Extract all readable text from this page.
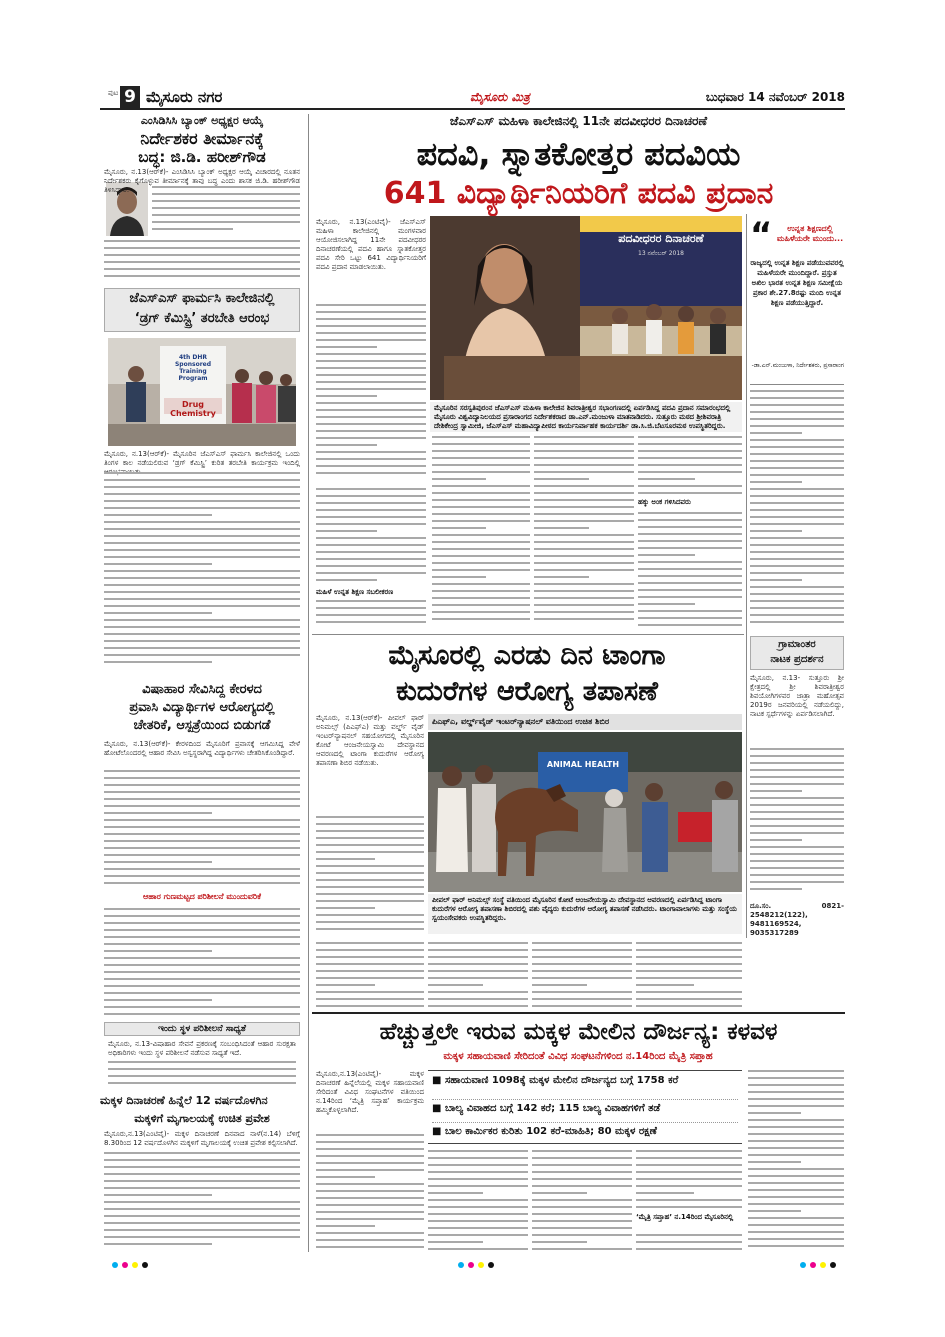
ಪುಟ 9 ಮೈಸೂರು ನಗರ	ಮೈಸೂರು ಮಿತ್ರ	ಬುಧವಾರ 14 ನವೆಂಬರ್ 2018
ಎಂಸಿಡಿಸಿಸಿ ಬ್ಯಾಂಕ್ ಅಧ್ಯಕ್ಷರ ಆಯ್ಕೆ
ನಿರ್ದೇಶಕರ ತೀರ್ಮಾನಕ್ಕೆ
ಬದ್ಧ: ಜಿ.ಡಿ. ಹರೀಶ್‌ಗೌಡ
ಮೈಸೂರು, ನ.13(ಆರ್‌ಕೆ)- ಎಂಸಿಡಿಸಿಸಿ ಬ್ಯಾಂಕ್ ಅಧ್ಯಕ್ಷರ ಆಯ್ಕೆ ವಿಚಾರದಲ್ಲಿ ನೂತನ ನಿರ್ದೇಶಕರು ಕೈಗೊಳ್ಳುವ ತೀರ್ಮಾನಕ್ಕೆ ತಾವು ಬದ್ಧ ಎಂದು ಶಾಸಕ ಜಿ.ಡಿ. ಹರೀಶ್‌ಗೌಡ ತಿಳಿಸಿದ್ದಾರೆ.
ಜೆಎಸ್‌ಎಸ್ ಫಾರ್ಮಸಿ ಕಾಲೇಜಿನಲ್ಲಿ
‘ಡ್ರಗ್ ಕೆಮಿಸ್ಟ್ರಿ’ ತರಬೇತಿ ಆರಂಭ
4th DHR Sponsored Training Program
Drug Chemistry
ಮೈಸೂರು, ನ.13(ಆರ್‌ಕೆ)- ಮೈಸೂರಿನ ಜೆಎಸ್‌ಎಸ್ ಫಾರ್ಮಸಿ ಕಾಲೇಜಿನಲ್ಲಿ ಒಂದು ತಿಂಗಳ ಕಾಲ ನಡೆಯಲಿರುವ ‘ಡ್ರಗ್ ಕೆಮಿಸ್ಟ್ರಿ’ ಕುರಿತ ತರಬೇತಿ ಕಾರ್ಯಕ್ರಮ ಇಂದಿಲ್ಲಿ
ವಿಷಾಹಾರ ಸೇವಿಸಿದ್ದ ಕೇರಳದ
ಪ್ರವಾಸಿ ವಿದ್ಯಾರ್ಥಿಗಳ ಆರೋಗ್ಯದಲ್ಲಿ
ಚೇತರಿಕೆ, ಆಸ್ಪತ್ರೆಯಿಂದ ಬಿಡುಗಡೆ
ಮೈಸೂರು, ನ.13(ಆರ್‌ಕೆ)- ಕೇರಳದಿಂದ ಮೈಸೂರಿಗೆ ಪ್ರವಾಸಕ್ಕೆ ಆಗಮಿಸಿದ್ದ ವೇಳೆ ಹೋಟೆಲೊಂದರಲ್ಲಿ ಆಹಾರ ಸೇವಿಸಿ ಅಸ್ವಸ್ಥರಾಗಿದ್ದ ವಿದ್ಯಾರ್ಥಿಗಳು ಚೇತರಿಸಿಕೊಂಡಿದ್ದಾರೆ.
ಆಹಾರ ಗುಣಮಟ್ಟದ ಪರಿಶೀಲನೆ ಮುಂದುವರಿಕೆ
ಇಂದು ಸ್ಥಳ ಪರಿಶೀಲನೆ ಸಾಧ್ಯತೆ
ಮೈಸೂರು, ನ.13-ವಿಷಾಹಾರ ಸೇವನೆ ಪ್ರಕರಣಕ್ಕೆ ಸಂಬಂಧಿಸಿದಂತೆ ಆಹಾರ ಸುರಕ್ಷತಾ ಅಧಿಕಾರಿಗಳು ಇಂದು ಸ್ಥಳ ಪರಿಶೀಲನೆ ನಡೆಸುವ ಸಾಧ್ಯತೆ ಇದೆ.
ಮಕ್ಕಳ ದಿನಾಚರಣೆ ಹಿನ್ನೆಲೆ 12 ವರ್ಷದೊಳಗಿನ
ಮಕ್ಕಳಿಗೆ ಮೃಗಾಲಯಕ್ಕೆ ಉಚಿತ ಪ್ರವೇಶ
ಮೈಸೂರು,ನ.13(ಎಂಟಿವೈ)- ಮಕ್ಕಳ ದಿನಾಚರಣೆ ದಿನವಾದ ನಾಳೆ(ನ.14) ಬೆಳಿಗ್ಗೆ 8.30ರಿಂದ 12 ವರ್ಷದೊಳಗಿನ ಮಕ್ಕಳಿಗೆ ಮೃಗಾಲಯಕ್ಕೆ ಉಚಿತ ಪ್ರವೇಶ ಕಲ್ಪಿಸಲಾಗಿದೆ.
ಜೆಎಸ್‌ಎಸ್ ಮಹಿಳಾ ಕಾಲೇಜಿನಲ್ಲಿ 11ನೇ ಪದವೀಧರರ ದಿನಾಚರಣೆ
ಪದವಿ, ಸ್ನಾತಕೋತ್ತರ ಪದವಿಯ
641 ವಿದ್ಯಾರ್ಥಿನಿಯರಿಗೆ ಪದವಿ ಪ್ರದಾನ
ಮೈಸೂರು, ನ.13(ಎಂಟಿವೈ)- ಜೆಎಸ್‌ಎಸ್ ಮಹಿಳಾ ಕಾಲೇಜಿನಲ್ಲಿ ಮಂಗಳವಾರ ಆಯೋಜಿಸಲಾಗಿದ್ದ 11ನೇ ಪದವೀಧರರ ದಿನಾಚರಣೆಯಲ್ಲಿ ಪದವಿ ಹಾಗೂ ಸ್ನಾತಕೋತ್ತರ ಪದವಿ ಸೇರಿ ಒಟ್ಟು 641 ವಿದ್ಯಾರ್ಥಿನಿಯರಿಗೆ ಪದವಿ ಪ್ರದಾನ ಮಾಡಲಾಯಿತು.
ಪದವೀಧರರ ದಿನಾಚರಣೆ
13 ನವೆಂಬರ್ 2018
ಮೈಸೂರಿನ ಸರಸ್ವತಿಪುರಂನ ಜೆಎಸ್‌ಎಸ್ ಮಹಿಳಾ ಕಾಲೇಜಿನ ಶಿವರಾತ್ರೀಶ್ವರ ಸಭಾಂಗಣದಲ್ಲಿ ಏರ್ಪಡಿಸಿದ್ದ ಪದವಿ ಪ್ರದಾನ ಸಮಾರಂಭದಲ್ಲಿ ಮೈಸೂರು ವಿಶ್ವವಿದ್ಯಾನಿಲಯದ ಪ್ರಸಾರಾಂಗದ ನಿರ್ದೇಶಕರಾದ ಡಾ.ಎನ್.ಮಂಜುಳಾ ಮಾತನಾಡಿದರು. ಸುತ್ತೂರು ಮಠದ ಶ್ರೀಶಿವರಾತ್ರಿ ದೇಶಿಕೇಂದ್ರ ಸ್ವಾಮೀಜಿ, ಜೆಎಸ್‌ಎಸ್ ಮಹಾವಿದ್ಯಾಪೀಠದ ಕಾರ್ಯನಿರ್ವಾಹಕ ಕಾರ್ಯದರ್ಶಿ ಡಾ.ಸಿ.ಜಿ.ಬೆಟಸೂರಮಠ ಉಪಸ್ಥಿತರಿದ್ದರು.
“	ಉನ್ನತ ಶಿಕ್ಷಣದಲ್ಲಿ ಮಹಿಳೆಯರೇ ಮುಂದು...
ರಾಜ್ಯದಲ್ಲಿ ಉನ್ನತ ಶಿಕ್ಷಣ ಪಡೆಯುವವರಲ್ಲಿ ಮಹಿಳೆಯರೇ ಮುಂದಿದ್ದಾರೆ. ಪ್ರಸ್ತುತ ಅಖಿಲ ಭಾರತ ಉನ್ನತ ಶಿಕ್ಷಣ ಸಮೀಕ್ಷೆಯ ಪ್ರಕಾರ ಶೇ.27.8ರಷ್ಟು ಮಂದಿ ಉನ್ನತ ಶಿಕ್ಷಣ ಪಡೆಯುತ್ತಿದ್ದಾರೆ.
-ಡಾ.ಎನ್.ಮಂಜುಳಾ, ನಿರ್ದೇಶಕರು, ಪ್ರಸಾರಾಂಗ
ಮಹಿಳೆ ಉನ್ನತ ಶಿಕ್ಷಣ ಸಬಲೀಕರಣ
ಹಕ್ಕು ಅಂಕ ಗಳಿಸಿದವರು
ಗ್ರಾಮಾಂತರ
ನಾಟಕ ಪ್ರದರ್ಶನ
ಮೈಸೂರು, ನ.13- ಸುತ್ತೂರು ಶ್ರೀ ಕ್ಷೇತ್ರದಲ್ಲಿ ಶ್ರೀ ಶಿವರಾತ್ರೀಶ್ವರ ಶಿವಯೋಗಿಗಳವರ ಜಾತ್ರಾ ಮಹೋತ್ಸವ 2019ರ ಜನವರಿಯಲ್ಲಿ ನಡೆಯಲಿದ್ದು, ನಾಟಕ ಸ್ಪರ್ಧೆಗಳನ್ನು ಏರ್ಪಡಿಸಲಾಗಿದೆ.
ದೂ.ಸಂ. 0821-2548212(122), 9481169524, 9035317289
ಮೈಸೂರಲ್ಲಿ ಎರಡು ದಿನ ಟಾಂಗಾ
ಕುದುರೆಗಳ ಆರೋಗ್ಯ ತಪಾಸಣೆ
ಮೈಸೂರು, ನ.13(ಆರ್‌ಕೆ)- ಪೀಪಲ್ ಫಾರ್ ಅನಿಮಲ್ಸ್ (ಪಿಎಫ್‌ಎ) ಮತ್ತು ವರ್ಲ್ಡ್ ವೈಡ್ ಇಂಟರ್‌ನ್ಯಾಷನಲ್ ಸಹಯೋಗದಲ್ಲಿ ಮೈಸೂರಿನ ಕೋಟೆ ಆಂಜನೇಯಸ್ವಾಮಿ ದೇವಸ್ಥಾನದ ಆವರಣದಲ್ಲಿ ಟಾಂಗಾ ಕುದುರೆಗಳ ಆರೋಗ್ಯ ತಪಾಸಣಾ ಶಿಬಿರ ನಡೆಯಿತು.
ಪಿಎಫ್‌ಎ, ವರ್ಲ್ಡ್‌ವೈಡ್ ಇಂಟರ್‌ನ್ಯಾಷನಲ್ ವತಿಯಿಂದ ಉಚಿತ ಶಿಬಿರ
ANIMAL HEALTH
ಪೀಪಲ್ ಫಾರ್ ಅನಿಮಲ್ಸ್ ಸಂಸ್ಥೆ ವತಿಯಿಂದ ಮೈಸೂರಿನ ಕೋಟೆ ಆಂಜನೇಯಸ್ವಾಮಿ ದೇವಸ್ಥಾನದ ಆವರಣದಲ್ಲಿ ಏರ್ಪಡಿಸಿದ್ದ ಟಾಂಗಾ ಕುದುರೆಗಳ ಆರೋಗ್ಯ ತಪಾಸಣಾ ಶಿಬಿರದಲ್ಲಿ ಪಶು ವೈದ್ಯರು ಕುದುರೆಗಳ ಆರೋಗ್ಯ ತಪಾಸಣೆ ನಡೆಸಿದರು. ಟಾಂಗಾವಾಲಾಗಳು ಮತ್ತು ಸಂಸ್ಥೆಯ ಸ್ವಯಂಸೇವಕರು ಉಪಸ್ಥಿತರಿದ್ದರು.
ಹೆಚ್ಚುತ್ತಲೇ ಇರುವ ಮಕ್ಕಳ ಮೇಲಿನ ದೌರ್ಜನ್ಯ: ಕಳವಳ
ಮಕ್ಕಳ ಸಹಾಯವಾಣಿ ಸೇರಿದಂತೆ ವಿವಿಧ ಸಂಘಟನೆಗಳಿಂದ ನ.14ರಿಂದ ಮೈತ್ರಿ ಸಪ್ತಾಹ
ಮೈಸೂರು,ನ.13(ಎಂಟಿವೈ)- ಮಕ್ಕಳ ದಿನಾಚರಣೆ ಹಿನ್ನೆಲೆಯಲ್ಲಿ ಮಕ್ಕಳ ಸಹಾಯವಾಣಿ ಸೇರಿದಂತೆ ವಿವಿಧ ಸಂಘಟನೆಗಳ ವತಿಯಿಂದ ನ.14ರಿಂದ ‘ಮೈತ್ರಿ ಸಪ್ತಾಹ’ ಕಾರ್ಯಕ್ರಮ ಹಮ್ಮಿಕೊಳ್ಳಲಾಗಿದೆ.
■ ಸಹಾಯವಾಣಿ 1098ಕ್ಕೆ ಮಕ್ಕಳ ಮೇಲಿನ ದೌರ್ಜನ್ಯದ ಬಗ್ಗೆ 1758 ಕರೆ
■ ಬಾಲ್ಯ ವಿವಾಹದ ಬಗ್ಗೆ 142 ಕರೆ; 115 ಬಾಲ್ಯ ವಿವಾಹಗಳಿಗೆ ತಡೆ
■ ಬಾಲ ಕಾರ್ಮಿಕರ ಕುರಿತು 102 ಕರೆ-ಮಾಹಿತಿ; 80 ಮಕ್ಕಳ ರಕ್ಷಣೆ
‘ಮೈತ್ರಿ ಸಪ್ತಾಹ’ ನ.14ರಿಂದ ಮೈಸೂರಿನಲ್ಲಿ
